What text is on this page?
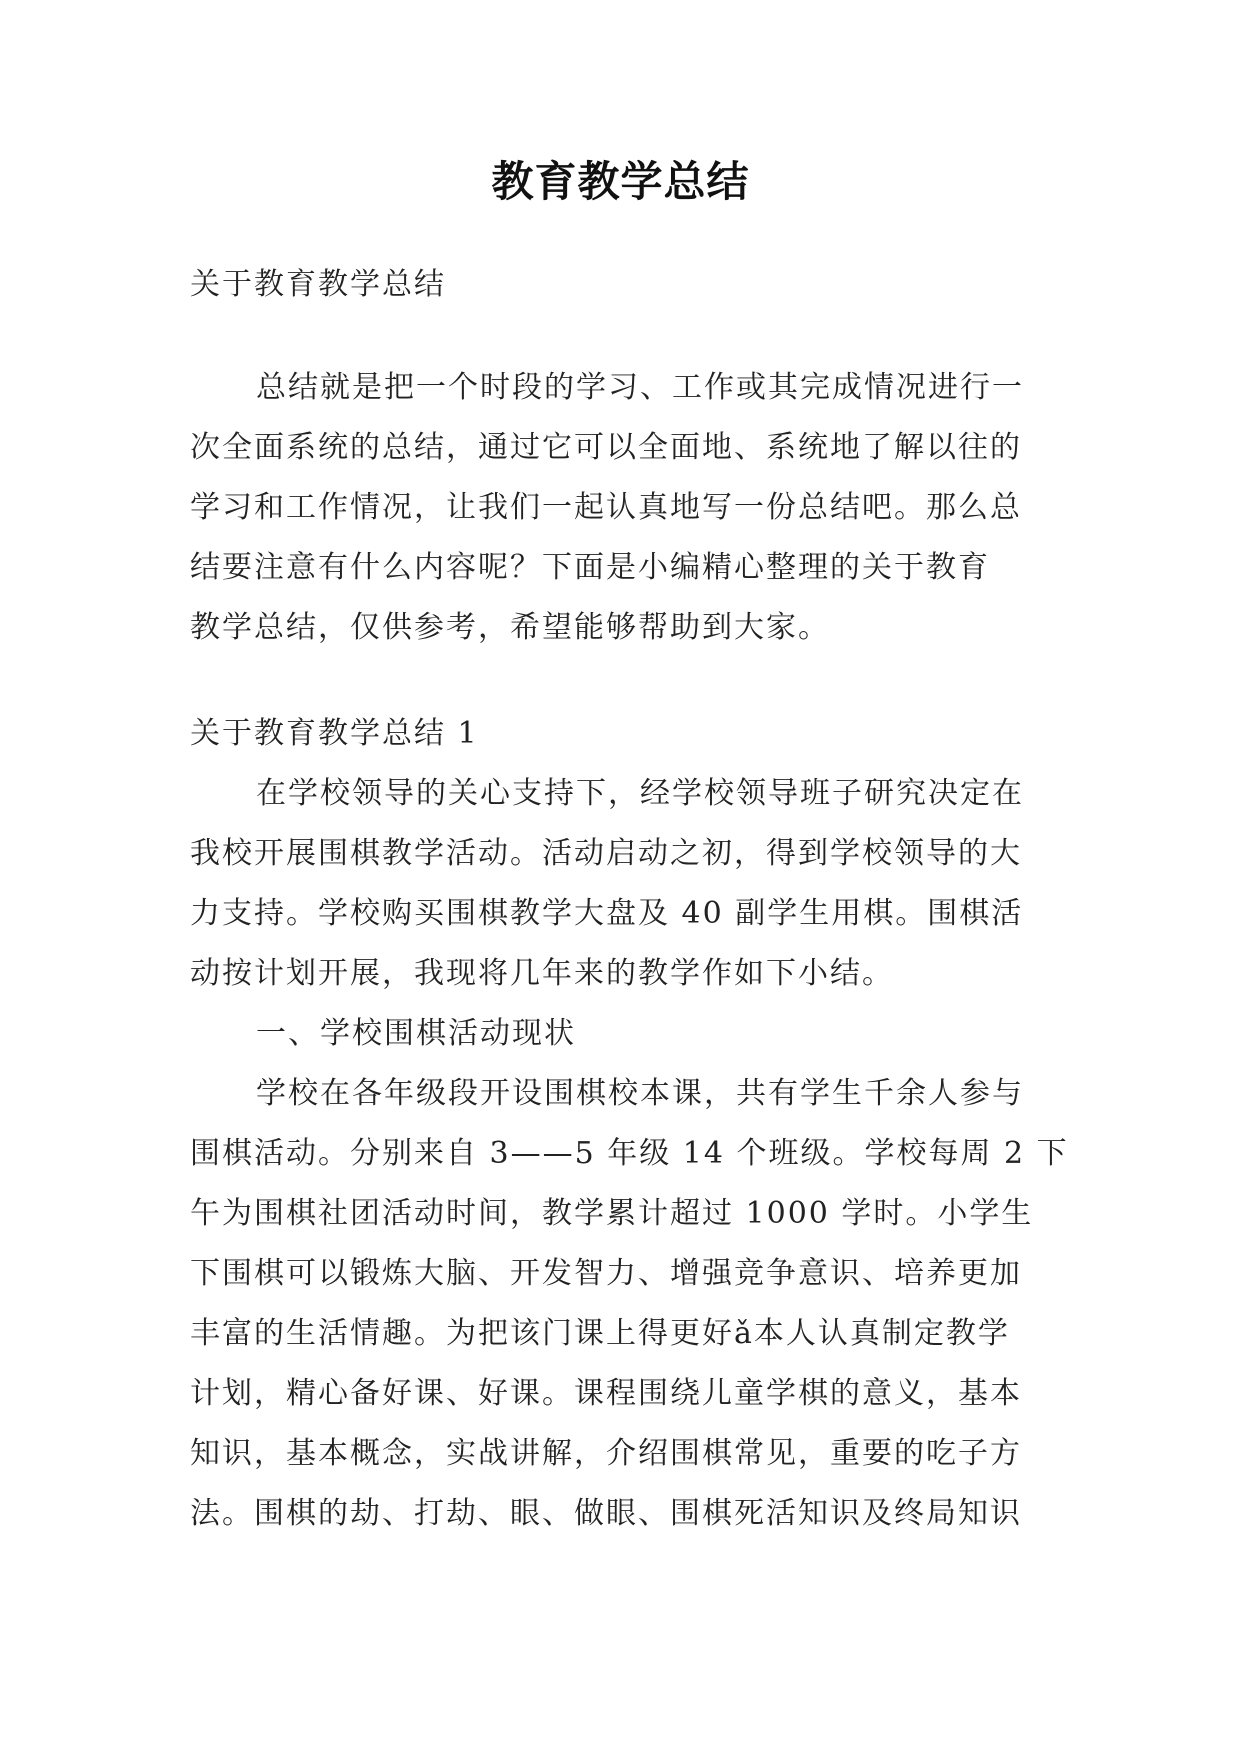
教育教学总结
关于教育教学总结
总结就是把一个时段的学习、工作或其完成情况进行一
次全面系统的总结，通过它可以全面地、系统地了解以往的
学习和工作情况，让我们一起认真地写一份总结吧。那么总
结要注意有什么内容呢？下面是小编精心整理的关于教育
教学总结，仅供参考，希望能够帮助到大家。
关于教育教学总结 1
在学校领导的关心支持下，经学校领导班子研究决定在
我校开展围棋教学活动。活动启动之初，得到学校领导的大
力支持。学校购买围棋教学大盘及 40 副学生用棋。围棋活
动按计划开展，我现将几年来的教学作如下小结。
一、学校围棋活动现状
学校在各年级段开设围棋校本课，共有学生千余人参与
围棋活动。分别来自 3——5 年级 14 个班级。学校每周 2 下
午为围棋社团活动时间，教学累计超过 1000 学时。小学生
下围棋可以锻炼大脑、开发智力、增强竞争意识、培养更加
丰富的生活情趣。为把该门课上得更好ǎ本人认真制定教学
计划，精心备好课、好课。课程围绕儿童学棋的意义，基本
知识，基本概念，实战讲解，介绍围棋常见，重要的吃子方
法。围棋的劫、打劫、眼、做眼、围棋死活知识及终局知识
